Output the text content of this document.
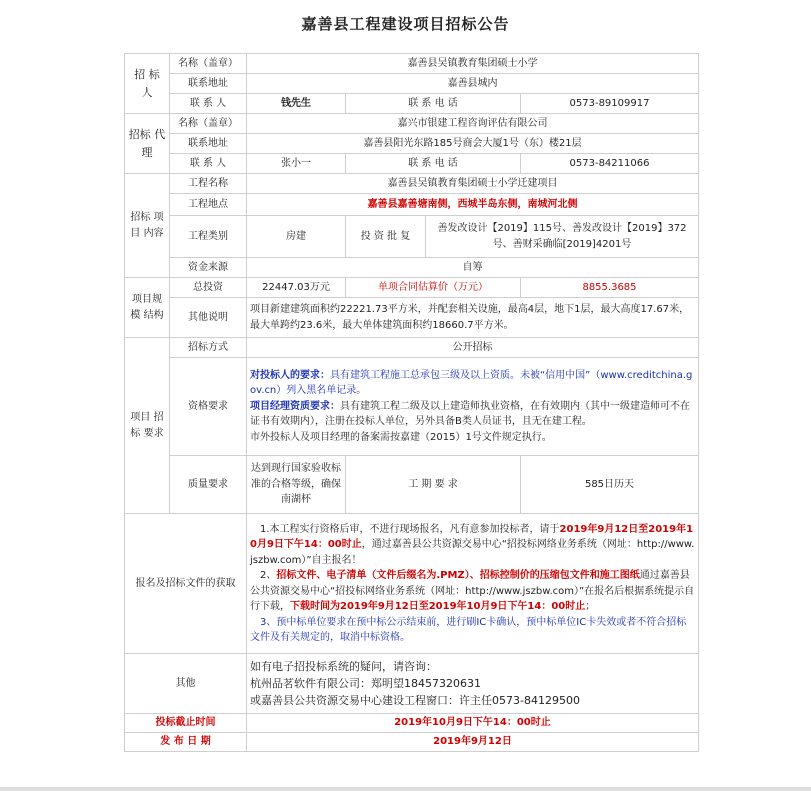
嘉善县工程建设项目招标公告
招 标 人	名称（盖章）	嘉善县吴镇教育集团硕士小学			
	联系地址	嘉善县城内			
	联 系 人	钱先生	联 系 电 话		0573-89109917
招标 代理	名称（盖章）	嘉兴市银建工程咨询评估有限公司			
	联系地址	嘉善县阳光东路185号商会大厦1号（东）楼21层			
	联 系 人	张小一	联 系 电 话		0573-84211066
招标 项目 内容	工程名称	嘉善县吴镇教育集团硕士小学迁建项目			
	工程地点	嘉善县嘉善塘南侧，西城半岛东侧，南城河北侧			
	工程类别	房建	投 资 批 复	善发改设计【2019】115号、善发改设计【2019】372号、善财采确临[2019]4201号	
	资金来源	自筹			
项目规模 结构	总投资	22447.03万元	单项合同估算价（万元）		8855.3685
	其他说明	项目新建建筑面积约22221.73平方米，并配套相关设施，最高4层，地下1层，最大高度17.67米，最大单跨约23.6米，最大单体建筑面积约18660.7平方米。			
项目 招标 要求	招标方式	公开招标			
	资格要求	对投标人的要求：具有建筑工程施工总承包三级及以上资质。未被“信用中国”（www.creditchina.gov.cn）列入黑名单记录。
项目经理资质要求：具有建筑工程二级及以上建造师执业资格，在有效期内（其中一级建造师可不在证书有效期内），注册在投标人单位，另外具备B类人员证书，且无在建工程。
市外投标人及项目经理的备案需按嘉建（2015）1号文件规定执行。			

	质量要求	达到现行国家验收标准的合格等级，确保南湖杯	工 期 要 求		585日历天

报名及招标文件的获取		1.本工程实行资格后审，不进行现场报名，凡有意参加投标者，请于2019年9月12日至2019年10月9日下午14：00时止，通过嘉善县公共资源交易中心“招投标网络业务系统（网址：http://www.jszbw.com）”自主报名！
2、招标文件、电子清单（文件后缀名为.PMZ）、招标控制价的压缩包文件和施工图纸通过嘉善县公共资源交易中心“招投标网络业务系统（网址：http://www.jszbw.com）”在报名后根据系统提示自行下载，下载时间为2019年9月12日至2019年10月9日下午14：00时止；
3、预中标单位要求在预中标公示结束前，进行刷IC卡确认，预中标单位IC卡失效或者不符合招标文件及有关规定的，取消中标资格。			

其他		如有电子招投标系统的疑问，请咨询：
杭州品茗软件有限公司：郑明望18457320631
或嘉善县公共资源交易中心建设工程窗口：许主任0573-84129500			

投标截止时间		2019年10月9日下午14：00时止			
发 布 日 期		2019年9月12日			
